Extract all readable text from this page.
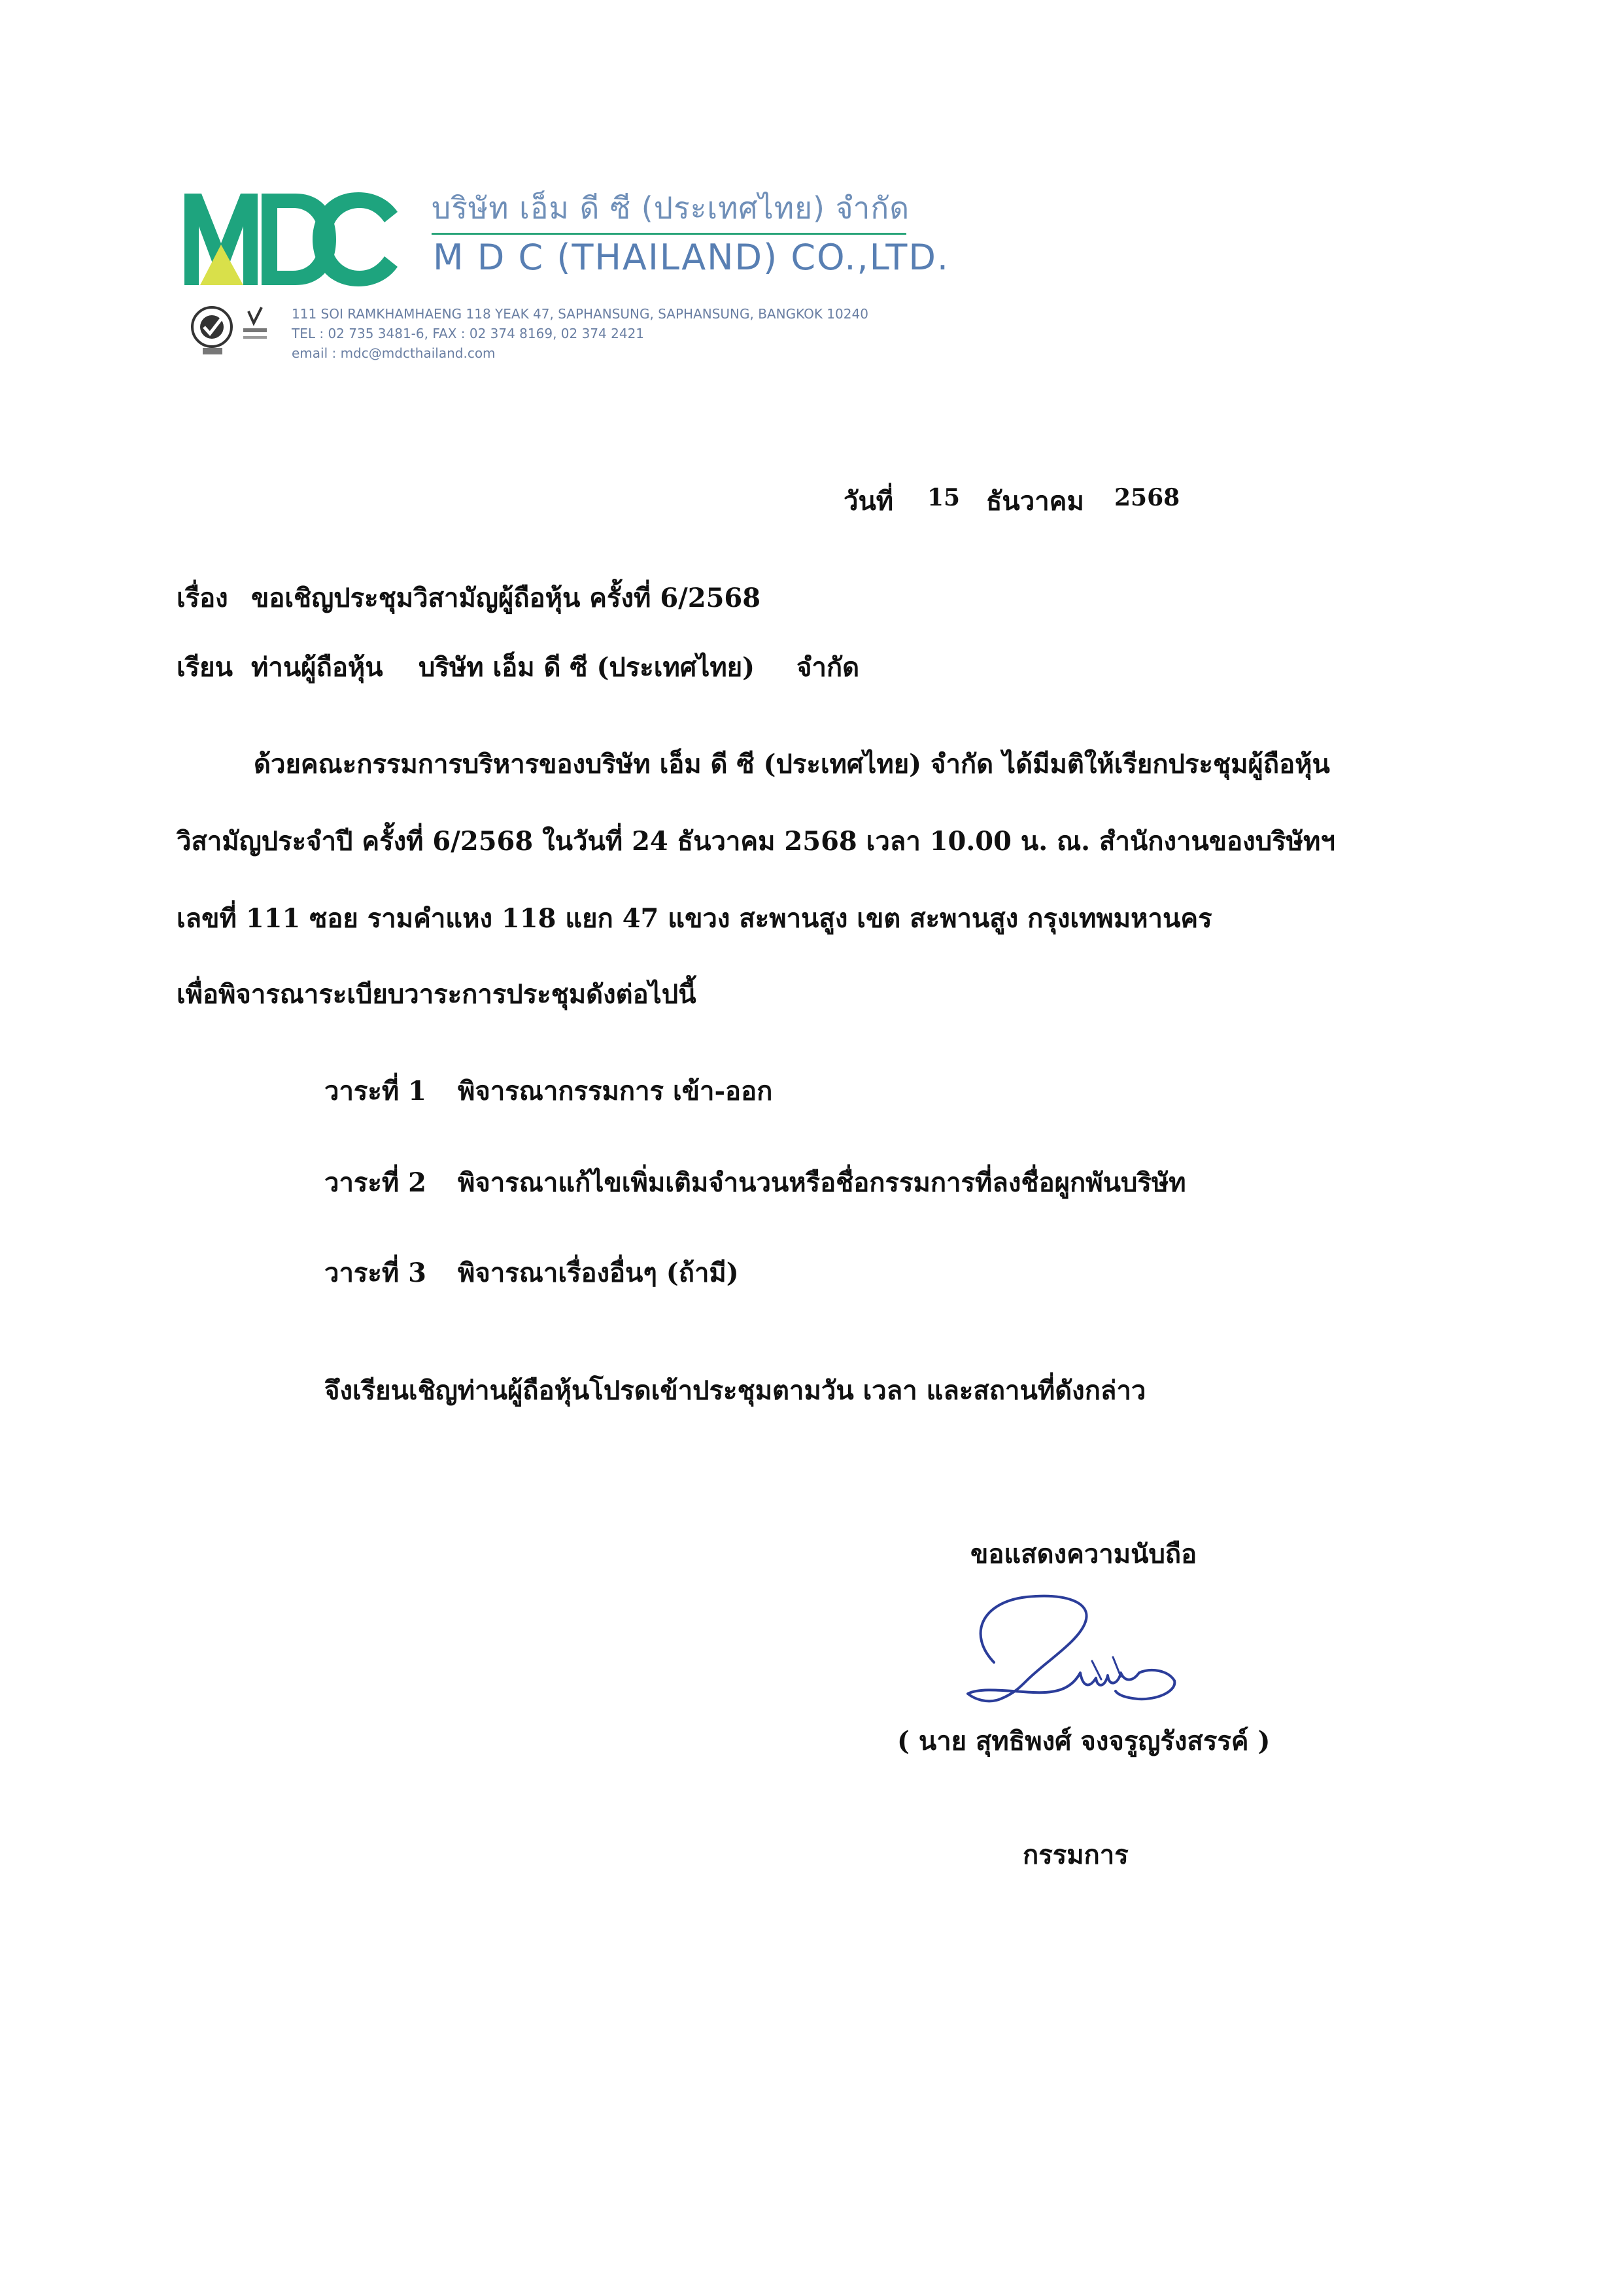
บริษัท เอ็ม ดี ซี (ประเทศไทย) จำกัด
M D C (THAILAND) CO.,LTD.
111 SOI RAMKHAMHAENG 118 YEAK 47, SAPHANSUNG, SAPHANSUNG, BANGKOK 10240
TEL : 02 735 3481-6, FAX : 02 374 8169, 02 374 2421
email : mdc@mdcthailand.com
วันที่ 15 ธันวาคม 2568
เรื่อง ขอเชิญประชุมวิสามัญผู้ถือหุ้น ครั้งที่ 6/2568
เรียน ท่านผู้ถือหุ้น บริษัท เอ็ม ดี ซี (ประเทศไทย) จำกัด
ด้วยคณะกรรมการบริหารของบริษัท เอ็ม ดี ซี (ประเทศไทย) จำกัด ได้มีมติให้เรียกประชุมผู้ถือหุ้น
วิสามัญประจำปี ครั้งที่ 6/2568 ในวันที่ 24 ธันวาคม 2568 เวลา 10.00 น. ณ. สำนักงานของบริษัทฯ
เลขที่ 111 ซอย รามคำแหง 118 แยก 47 แขวง สะพานสูง เขต สะพานสูง กรุงเทพมหานคร
เพื่อพิจารณาระเบียบวาระการประชุมดังต่อไปนี้
วาระที่ 1 พิจารณากรรมการ เข้า-ออก
วาระที่ 2 พิจารณาแก้ไขเพิ่มเติมจำนวนหรือชื่อกรรมการที่ลงชื่อผูกพันบริษัท
วาระที่ 3 พิจารณาเรื่องอื่นๆ (ถ้ามี)
จึงเรียนเชิญท่านผู้ถือหุ้นโปรดเข้าประชุมตามวัน เวลา และสถานที่ดังกล่าว
ขอแสดงความนับถือ
( นาย สุทธิพงศ์ จงจรูญรังสรรค์ )
กรรมการ
